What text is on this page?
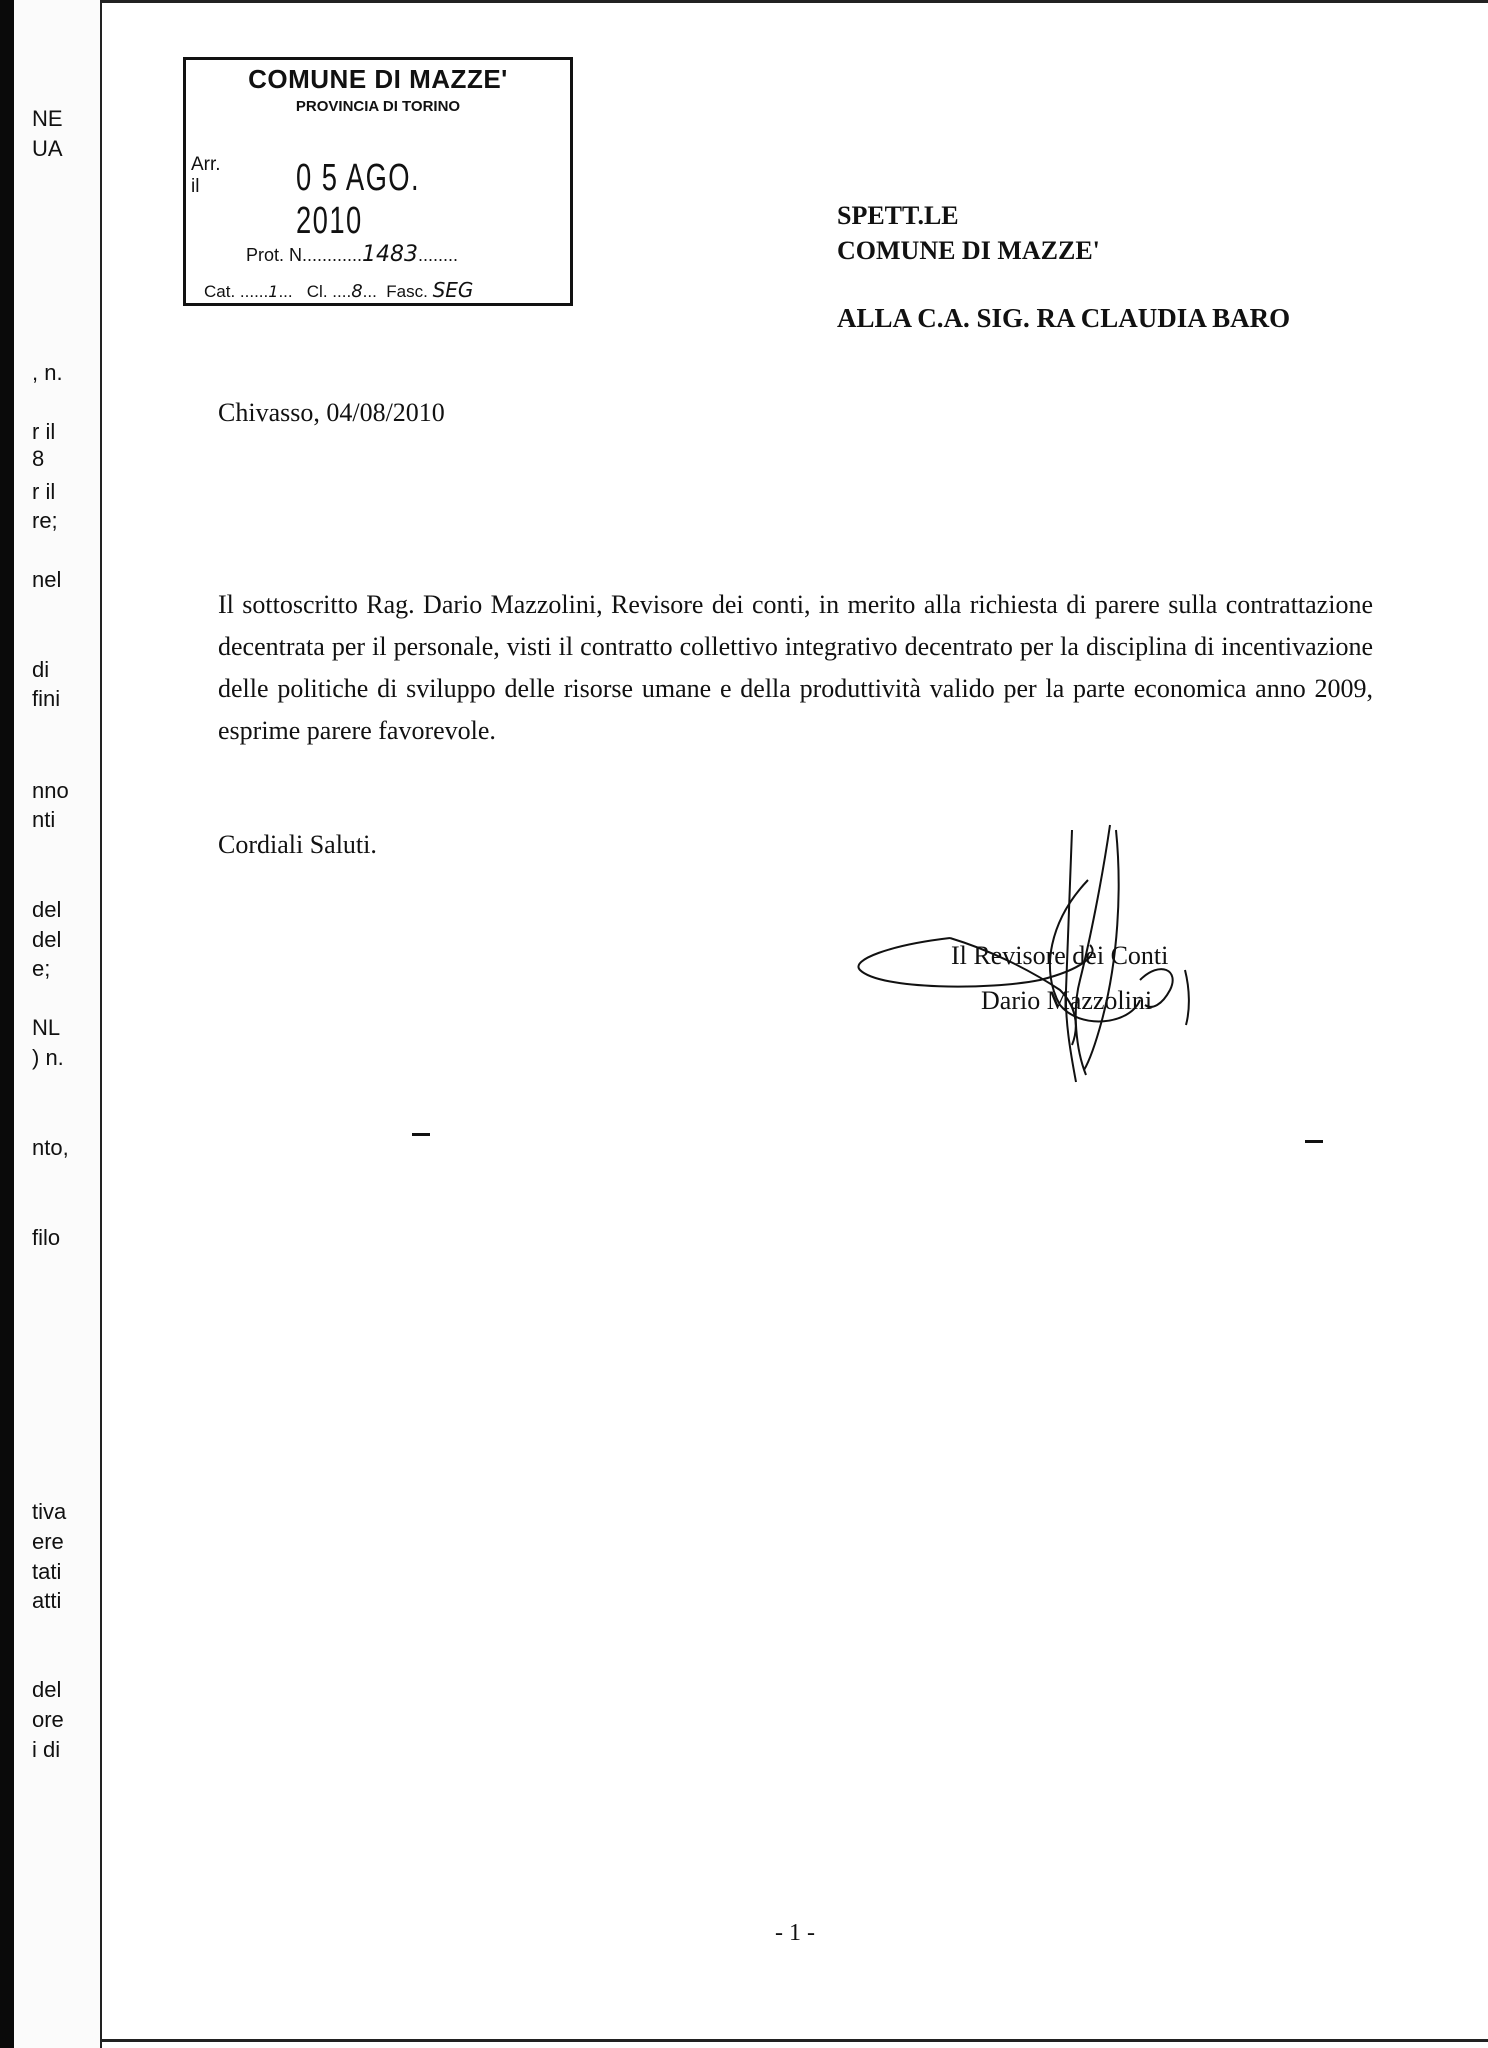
NE
UA
, n.
r il
8
r il
re;
nel
di
fini
nno
nti
del
del
e;
NL
) n.
nto,
filo
tiva
ere
tati
atti
del
ore
i di
COMUNE DI MAZZE'
PROVINCIA DI TORINO
Arr.
il	0 5 AGO. 2010
Prot. N............1483........
Cat. ......1...   Cl. ....8...  Fasc. SEG
SPETT.LE
COMUNE DI MAZZE'
ALLA C.A. SIG. RA CLAUDIA BARO
Chivasso, 04/08/2010
Il sottoscritto Rag. Dario Mazzolini, Revisore dei conti, in merito alla richiesta di parere sulla contrattazione decentrata per il personale, visti il contratto collettivo integrativo decentrato per la disciplina di incentivazione delle politiche di sviluppo delle risorse umane e della produttività valido per la parte economica anno 2009, esprime parere favorevole.
Cordiali Saluti.
Il Revisore dei Conti
Dario Mazzolini
- 1 -
